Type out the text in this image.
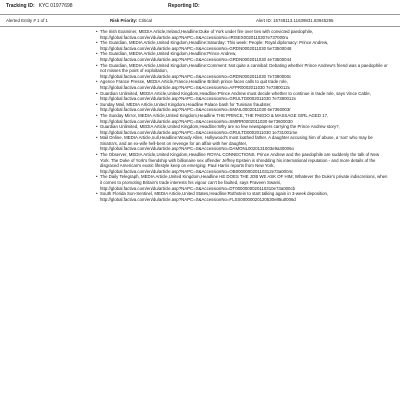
Tracking ID: KYC 01977698	Reporting ID:
Alerted Entity # 1 of 1	Risk Priority: Critical	Alert ID: 15748113.11639831.83945295
• The Irish Examiner, MEDIA Article,Ireland,Headline:Duke of York under fire over ties with convicted paedophile,
http://global.factiva.com/en/du/article.asp?NAPC=S&AccessionNo=IRISEX0020110307e737000ru
• The Guardian, MEDIA Article,United Kingdom,Headline:Saturday: This week: People: Royal diplomacy: Prince Andrew,
http://global.factiva.com/en/du/article.asp?NAPC=S&AccessionNo=GRDN0002011030 5e73500048
• The Guardian, MEDIA Article,United Kingdom,Headline:Prince Andrew,
http://global.factiva.com/en/du/article.asp?NAPC=S&AccessionNo=GRDN0002011030 4e73500044
• The Guardian, MEDIA Article,United Kingdom,Headline:Comment: Not quite a cannibal: Debating whether Prince Andrew's friend was a paedophile or not misses the point of exploitation,
http://global.factiva.com/en/du/article.asp?NAPC=S&AccessionNo=GRDN0002011030 7e7380000c
• Agence France Presse, MEDIA Article,France,Headline British prince faces calls to quit trade role,
http://global.factiva.com/en/du/article.asp?NAPC=S&AccessionNo=AFPR0002011030 7e7380012x
• Guardian Unlimited, MEDIA Article,United Kingdom,Headline:Prince Andrew must decide whether to continue in trade role, says Vince Cable,
http://global.factiva.com/en/du/article.asp?NAPC=S&AccessionNo=GRULTD0002011030 7e7380012x
• Sunday Mail, MEDIA Article,United Kingdom,Headline Palace bash for Tunisian fraudster,
http://global.factiva.com/en/du/article.asp?NAPC=S&AccessionNo=SMAIL0002011030 6e7360003r
• The Sunday Mirror, MEDIA Article,United Kingdom,Headline THE PRINCE, THE PAEDO & MASSAGE GIRL AGED 17,
http://global.factiva.com/en/du/article.asp?NAPC=S&AccessionNo=SMIRR0002011030 6e73600030
• Guardian Unlimited, MEDIA Article,United Kingdom,Headline:Why are so few newspapers carrying the Prince Andrew story?,
http://global.factiva.com/en/du/article.asp?NAPC=S&AccessionNo=GRULTD0002011030 1e731001me
• Mail Online, MEDIA Article,null,Headline:Woody Allen, Hollywood's most loathed father. A daughter accusing him of abuse, a 'son' who may be Sinatra's, and an ex-wife hell-bent on revenge for an affair with her daughter,
http://global.factiva.com/en/du/article.asp?NAPC=S&AccessionNo=DAMONL0020131003e9a30006o
• The Observer, MEDIA Article,United Kingdom,Headline ROYAL CONNECTIONS. Prince Andrew and the paedophile are suddenly the talk of New York. The Duke of York's friendship with billionaire sex offender Jeffrey Epstein is shredding his international reputation - and more details of the disgraced American's exotic lifestyle keep on emerging. Paul Harris reports from New York,
http://global.factiva.com/en/du/article.asp?NAPC=S&AccessionNo=OB000000020110312e73a0004c
• The Daily Telegraph, MEDIA Article,United Kingdom,Headline HE DOES THE JOB WE ASK OF HIM; Whatever the Duke's private indiscretions, when it comes to promoting Britain's trade interests his vigour can't be faulted, says Praveen Swami,
http://global.factiva.com/en/du/article.asp?NAPC=S&AccessionNo=DT0000000020110310e73a000cb
• South Florida Sun-Sentinel, MEDIA Article,United States,Headline:Rothstein to start talking again in 3-week deposition,
http://global.factiva.com/en/du/article.asp?NAPC=S&AccessionNo=FLSS00000020120530e85u0006d
